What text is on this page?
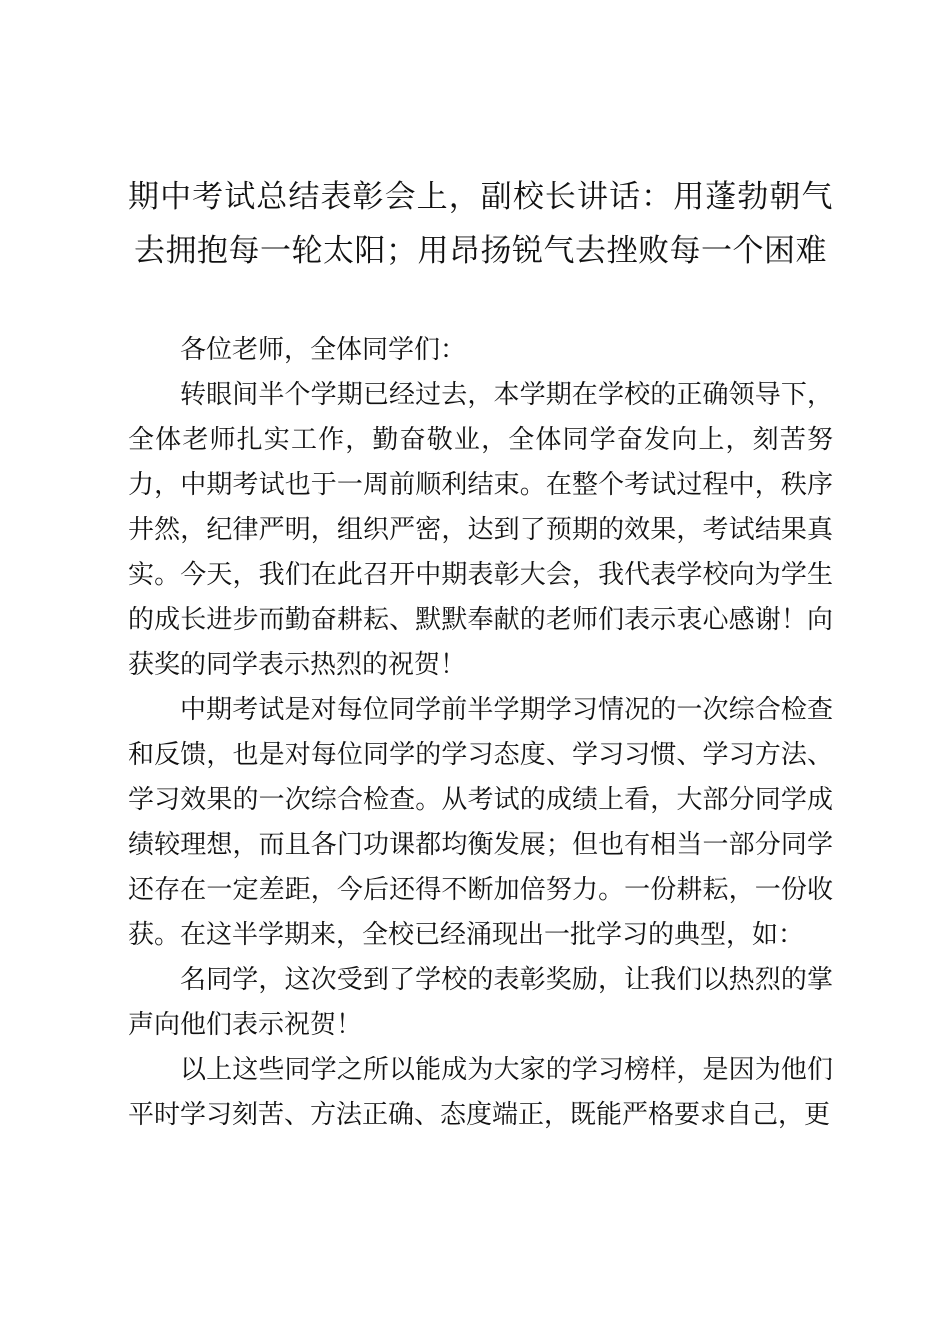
期中考试总结表彰会上，副校长讲话：用蓬勃朝气去拥抱每一轮太阳；用昂扬锐气去挫败每一个困难

各位老师，全体同学们：

转眼间半个学期已经过去，本学期在学校的正确领导下，全体老师扎实工作，勤奋敬业，全体同学奋发向上，刻苦努力，中期考试也于一周前顺利结束。在整个考试过程中，秩序井然，纪律严明，组织严密，达到了预期的效果，考试结果真实。今天，我们在此召开中期表彰大会，我代表学校向为学生的成长进步而勤奋耕耘、默默奉献的老师们表示衷心感谢！向获奖的同学表示热烈的祝贺！

中期考试是对每位同学前半学期学习情况的一次综合检查和反馈，也是对每位同学的学习态度、学习习惯、学习方法、学习效果的一次综合检查。从考试的成绩上看，大部分同学成绩较理想，而且各门功课都均衡发展；但也有相当一部分同学还存在一定差距，今后还得不断加倍努力。一份耕耘，一份收获。在这半学期来，全校已经涌现出一批学习的典型，如：

名同学，这次受到了学校的表彰奖励，让我们以热烈的掌声向他们表示祝贺！

以上这些同学之所以能成为大家的学习榜样，是因为他们平时学习刻苦、方法正确、态度端正，既能严格要求自己，更
